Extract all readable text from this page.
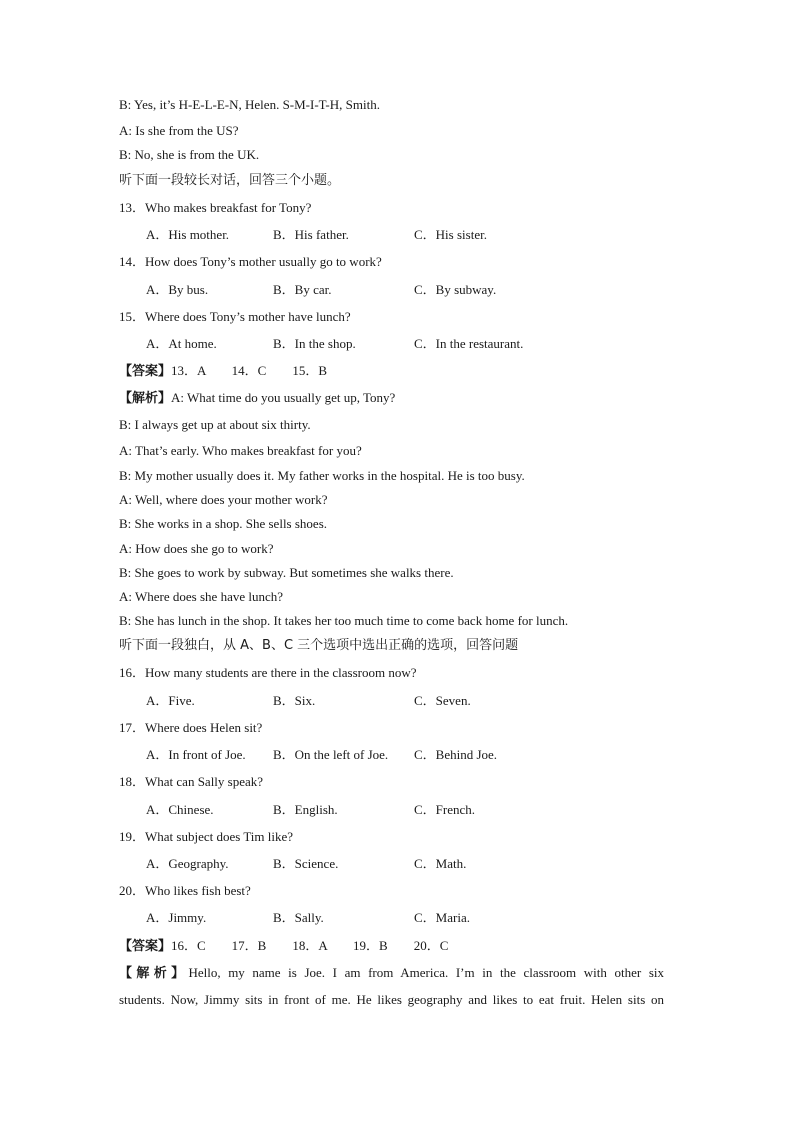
B: Yes, it’s H-E-L-E-N, Helen. S-M-I-T-H, Smith.
A: Is she from the US?
B: No, she is from the UK.
听下面一段较长对话，回答三个小题。
13．Who makes breakfast for Tony?
A．His mother.	B．His father.	C．His sister.
14．How does Tony’s mother usually go to work?
A．By bus.	B．By car.	C．By subway.
15．Where does Tony’s mother have lunch?
A．At home.	B．In the shop.	C．In the restaurant.
【答案】13．A　　14．C　　15．B
【解析】A: What time do you usually get up, Tony?
B: I always get up at about six thirty.
A: That’s early. Who makes breakfast for you?
B: My mother usually does it. My father works in the hospital. He is too busy.
A: Well, where does your mother work?
B: She works in a shop. She sells shoes.
A: How does she go to work?
B: She goes to work by subway. But sometimes she walks there.
A: Where does she have lunch?
B: She has lunch in the shop. It takes her too much time to come back home for lunch.
听下面一段独白，从 A、B、C 三个选项中选出正确的选项，回答问题
16．How many students are there in the classroom now?
A．Five.	B．Six.	C．Seven.
17．Where does Helen sit?
A．In front of Joe. B．On the left of Joe. C．Behind Joe.
18．What can Sally speak?
A．Chinese.	B．English.	C．French.
19．What subject does Tim like?
A．Geography.	B．Science.	C．Math.
20．Who likes fish best?
A．Jimmy.	B．Sally.	C．Maria.
【答案】16．C　　17．B　　18．A　　19．B　　20．C
【解析】Hello, my name is Joe. I am from America. I’m in the classroom with other six
students. Now, Jimmy sits in front of me. He likes geography and likes to eat fruit. Helen sits on
